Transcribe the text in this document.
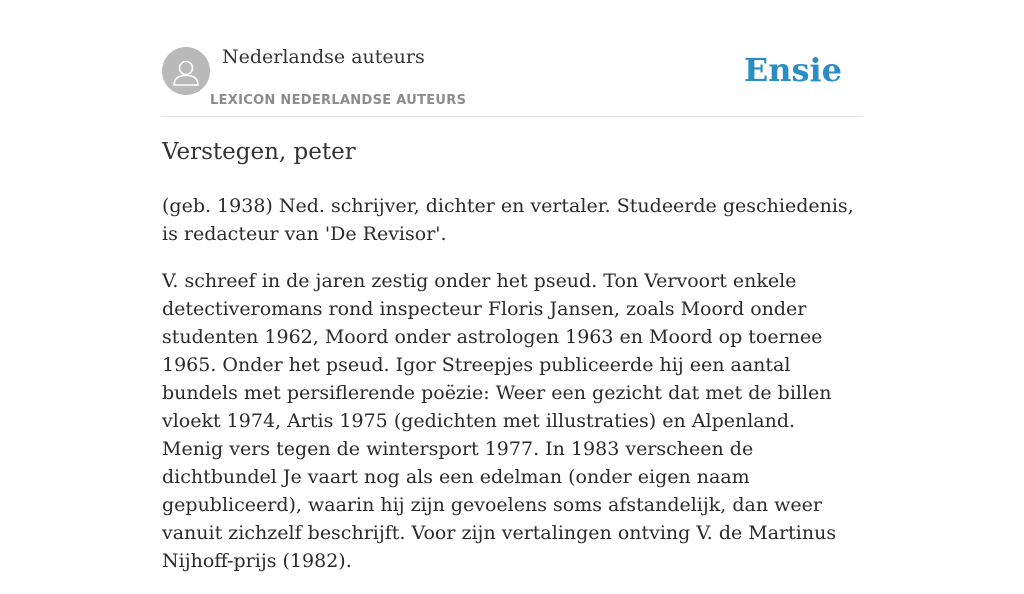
Nederlandse auteurs
LEXICON NEDERLANDSE AUTEURS
Ensie
Verstegen, peter

(geb. 1938) Ned. schrijver, dichter en vertaler. Studeerde geschiedenis, is redacteur van 'De Revisor'.

V. schreef in de jaren zestig onder het pseud. Ton Vervoort enkele detectiveromans rond inspecteur Floris Jansen, zoals Moord onder studenten 1962, Moord onder astrologen 1963 en Moord op toernee 1965. Onder het pseud. Igor Streepjes publiceerde hij een aantal bundels met persiflerende poëzie: Weer een gezicht dat met de billen vloekt 1974, Artis 1975 (gedichten met illustraties) en Alpenland. Menig vers tegen de wintersport 1977. In 1983 verscheen de dichtbundel Je vaart nog als een edelman (onder eigen naam gepubliceerd), waarin hij zijn gevoelens soms afstandelijk, dan weer vanuit zichzelf beschrijft. Voor zijn vertalingen ontving V. de Martinus Nijhoff-prijs (1982).
